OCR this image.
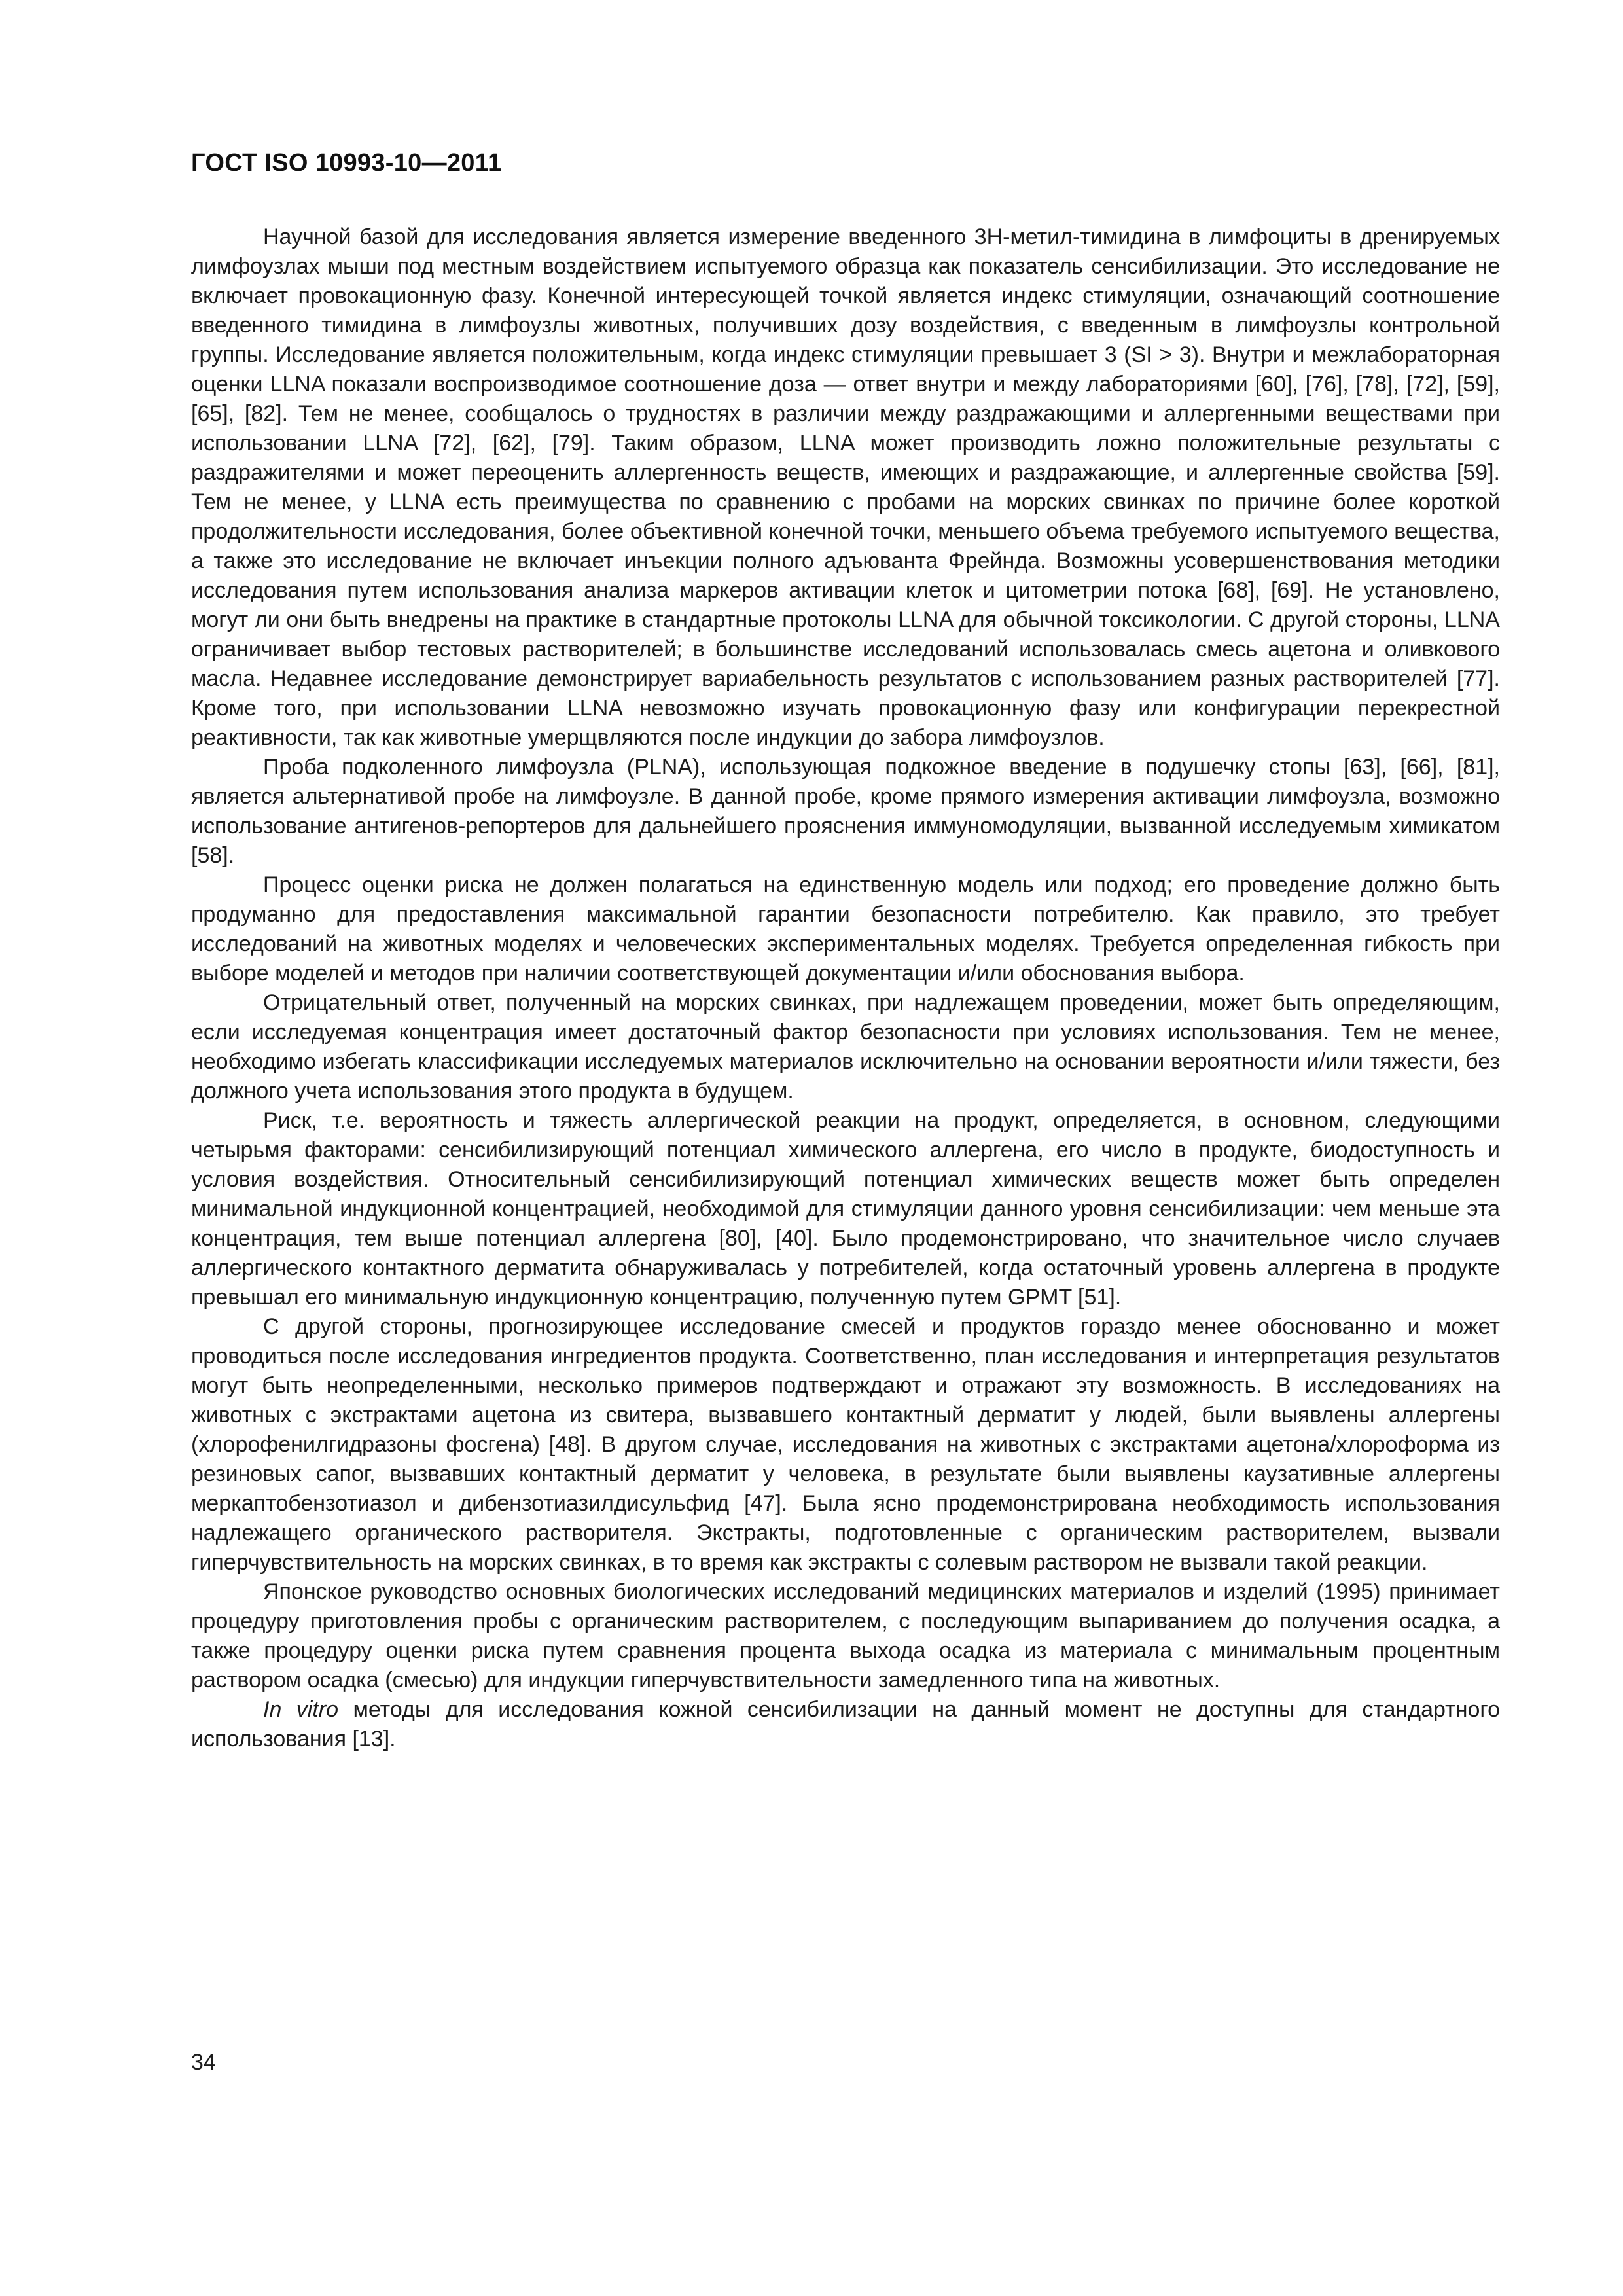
ГОСТ ISO 10993-10—2011

Научной базой для исследования является измерение введенного 3Н-метил-тимидина в лимфоциты в дренируемых лимфоузлах мыши под местным воздействием испытуемого образца как показатель сенсибилизации. Это исследование не включает провокационную фазу. Конечной интересующей точкой является индекс стимуляции, означающий соотношение введенного тимидина в лимфоузлы животных, получивших дозу воздействия, с введенным в лимфоузлы контрольной группы. Исследование является положительным, когда индекс стимуляции превышает 3 (SI > 3). Внутри и межлабораторная оценки LLNA показали воспроизводимое соотношение доза — ответ внутри и между лабораториями [60], [76], [78], [72], [59], [65], [82]. Тем не менее, сообщалось о трудностях в различии между раздражающими и аллергенными веществами при использовании LLNA [72], [62], [79]. Таким образом, LLNA может производить ложно положительные результаты с раздражителями и может переоценить аллергенность веществ, имеющих и раздражающие, и аллергенные свойства [59]. Тем не менее, у LLNA есть преимущества по сравнению с пробами на морских свинках по причине более короткой продолжительности исследования, более объективной конечной точки, меньшего объема требуемого испытуемого вещества, а также это исследование не включает инъекции полного адъюванта Фрейнда. Возможны усовершенствования методики исследования путем использования анализа маркеров активации клеток и цитометрии потока [68], [69]. Не установлено, могут ли они быть внедрены на практике в стандартные протоколы LLNA для обычной токсикологии. С другой стороны, LLNA ограничивает выбор тестовых растворителей; в большинстве исследований использовалась смесь ацетона и оливкового масла. Недавнее исследование демонстрирует вариабельность результатов с использованием разных растворителей [77]. Кроме того, при использовании LLNA невозможно изучать провокационную фазу или конфигурации перекрестной реактивности, так как животные умерщвляются после индукции до забора лимфоузлов.

Проба подколенного лимфоузла (PLNA), использующая подкожное введение в подушечку стопы [63], [66], [81], является альтернативой пробе на лимфоузле. В данной пробе, кроме прямого измерения активации лимфоузла, возможно использование антигенов-репортеров для дальнейшего прояснения иммуномодуляции, вызванной исследуемым химикатом [58].

Процесс оценки риска не должен полагаться на единственную модель или подход; его проведение должно быть продуманно для предоставления максимальной гарантии безопасности потребителю. Как правило, это требует исследований на животных моделях и человеческих экспериментальных моделях. Требуется определенная гибкость при выборе моделей и методов при наличии соответствующей документации и/или обоснования выбора.

Отрицательный ответ, полученный на морских свинках, при надлежащем проведении, может быть определяющим, если исследуемая концентрация имеет достаточный фактор безопасности при условиях использования. Тем не менее, необходимо избегать классификации исследуемых материалов исключительно на основании вероятности и/или тяжести, без должного учета использования этого продукта в будущем.

Риск, т.е. вероятность и тяжесть аллергической реакции на продукт, определяется, в основном, следующими четырьмя факторами: сенсибилизирующий потенциал химического аллергена, его число в продукте, биодоступность и условия воздействия. Относительный сенсибилизирующий потенциал химических веществ может быть определен минимальной индукционной концентрацией, необходимой для стимуляции данного уровня сенсибилизации: чем меньше эта концентрация, тем выше потенциал аллергена [80], [40]. Было продемонстрировано, что значительное число случаев аллергического контактного дерматита обнаруживалась у потребителей, когда остаточный уровень аллергена в продукте превышал его минимальную индукционную концентрацию, полученную путем GPMT [51].

С другой стороны, прогнозирующее исследование смесей и продуктов гораздо менее обоснованно и может проводиться после исследования ингредиентов продукта. Соответственно, план исследования и интерпретация результатов могут быть неопределенными, несколько примеров подтверждают и отражают эту возможность. В исследованиях на животных с экстрактами ацетона из свитера, вызвавшего контактный дерматит у людей, были выявлены аллергены (хлорофенилгидразоны фосгена) [48]. В другом случае, исследования на животных с экстрактами ацетона/хлороформа из резиновых сапог, вызвавших контактный дерматит у человека, в результате были выявлены каузативные аллергены меркаптобензотиазол и дибензотиазилдисульфид [47]. Была ясно продемонстрирована необходимость использования надлежащего органического растворителя. Экстракты, подготовленные с органическим растворителем, вызвали гиперчувствительность на морских свинках, в то время как экстракты с солевым раствором не вызвали такой реакции.

Японское руководство основных биологических исследований медицинских материалов и изделий (1995) принимает процедуру приготовления пробы с органическим растворителем, с последующим выпариванием до получения осадка, а также процедуру оценки риска путем сравнения процента выхода осадка из материала с минимальным процентным раствором осадка (смесью) для индукции гиперчувствительности замедленного типа на животных.

In vitro методы для исследования кожной сенсибилизации на данный момент не доступны для стандартного использования [13].

34
